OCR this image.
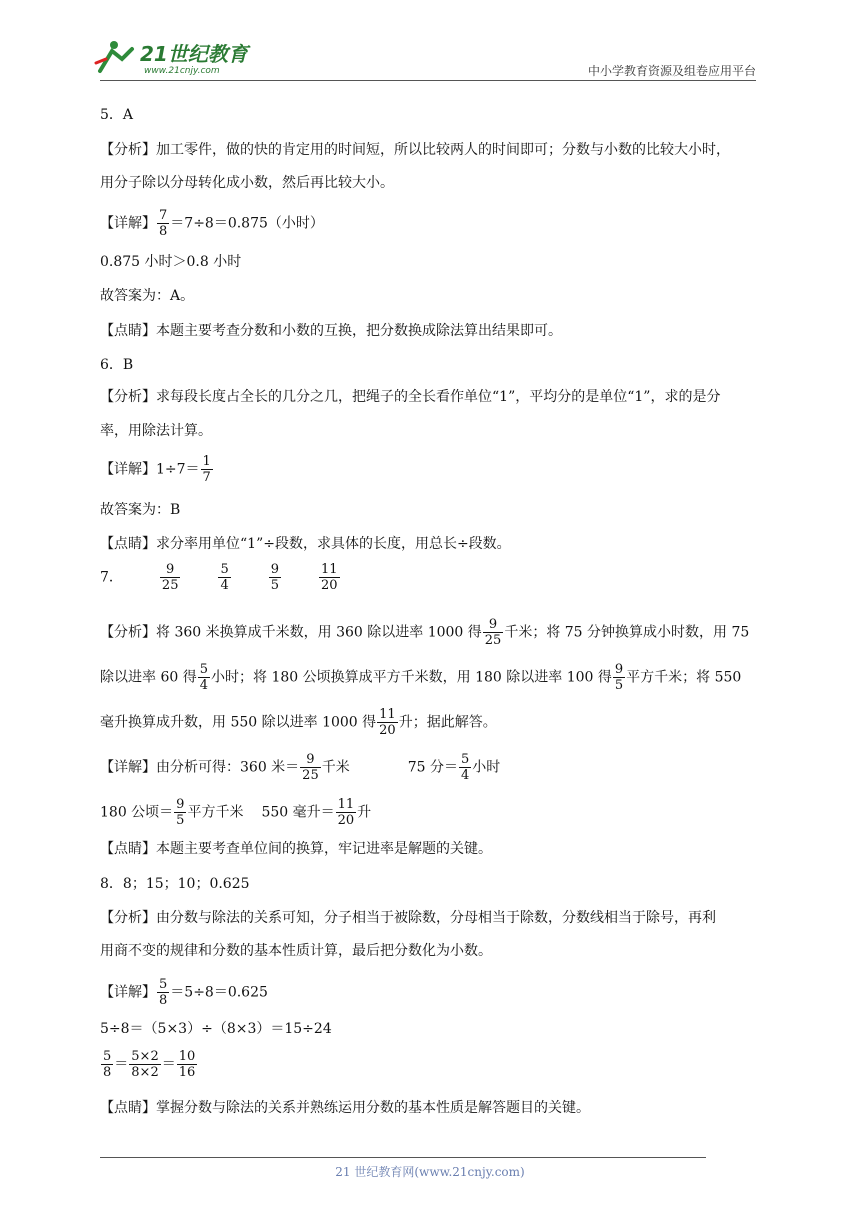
21世纪教育
www.21cnjy.com	中小学教育资源及组卷应用平台
5．A
【分析】加工零件，做的快的肯定用的时间短，所以比较两人的时间即可；分数与小数的比较大小时，
用分子除以分母转化成小数，然后再比较大小。
【详解】 $\frac{7}{8} =7\div 8=0.875$（小时）
0.875 小时＞0.8 小时
故答案为：A。
【点睛】本题主要考查分数和小数的互换，把分数换成除法算出结果即可。
6．B
【分析】求每段长度占全长的几分之几，把绳子的全长看作单位“1”，平均分的是单位“1”，求的是分
率，用除法计算。
【详解】$1\div 7= \frac{1}{7}$
故答案为：B
【点睛】求分率用单位“1”÷段数，求具体的长度，用总长÷段数。
7．	$\frac{9}{25}$	$\frac{5}{4}$	$\frac{9}{5}$	$\frac{11}{20}$
【分析】将 360 米换算成千米数，用 360 除以进率 1000 得 $\frac{9}{25}$ 千米；将 75 分钟换算成小时数，用 75
除以进率 60 得 $\frac{5}{4}$ 小时；将 180 公顷换算成平方千米数，用 180 除以进率 100 得 $\frac{9}{5}$ 平方千米；将 550
毫升换算成升数，用 550 除以进率 1000 得 $\frac{11}{20}$ 升；据此解答。
【详解】由分析可得：360 米＝ $\frac{9}{25}$ 千米	75 分＝ $\frac{5}{4}$ 小时
180 公顷＝ $\frac{9}{5}$ 平方千米 550 毫升＝ $\frac{11}{20}$ 升
【点睛】本题主要考查单位间的换算，牢记进率是解题的关键。
8．8；15；10；0.625
【分析】由分数与除法的关系可知，分子相当于被除数，分母相当于除数，分数线相当于除号，再利
用商不变的规律和分数的基本性质计算，最后把分数化为小数。
【详解】 $\frac{5}{8} =5\div 8=0.625$
5÷8＝（5×3）÷（8×3）＝15÷24
$\frac{5}{8} = \frac{5\times 2}{8\times 2} = \frac{10}{16}$
【点睛】掌握分数与除法的关系并熟练运用分数的基本性质是解答题目的关键。
21 世纪教育网(www.21cnjy.com)
